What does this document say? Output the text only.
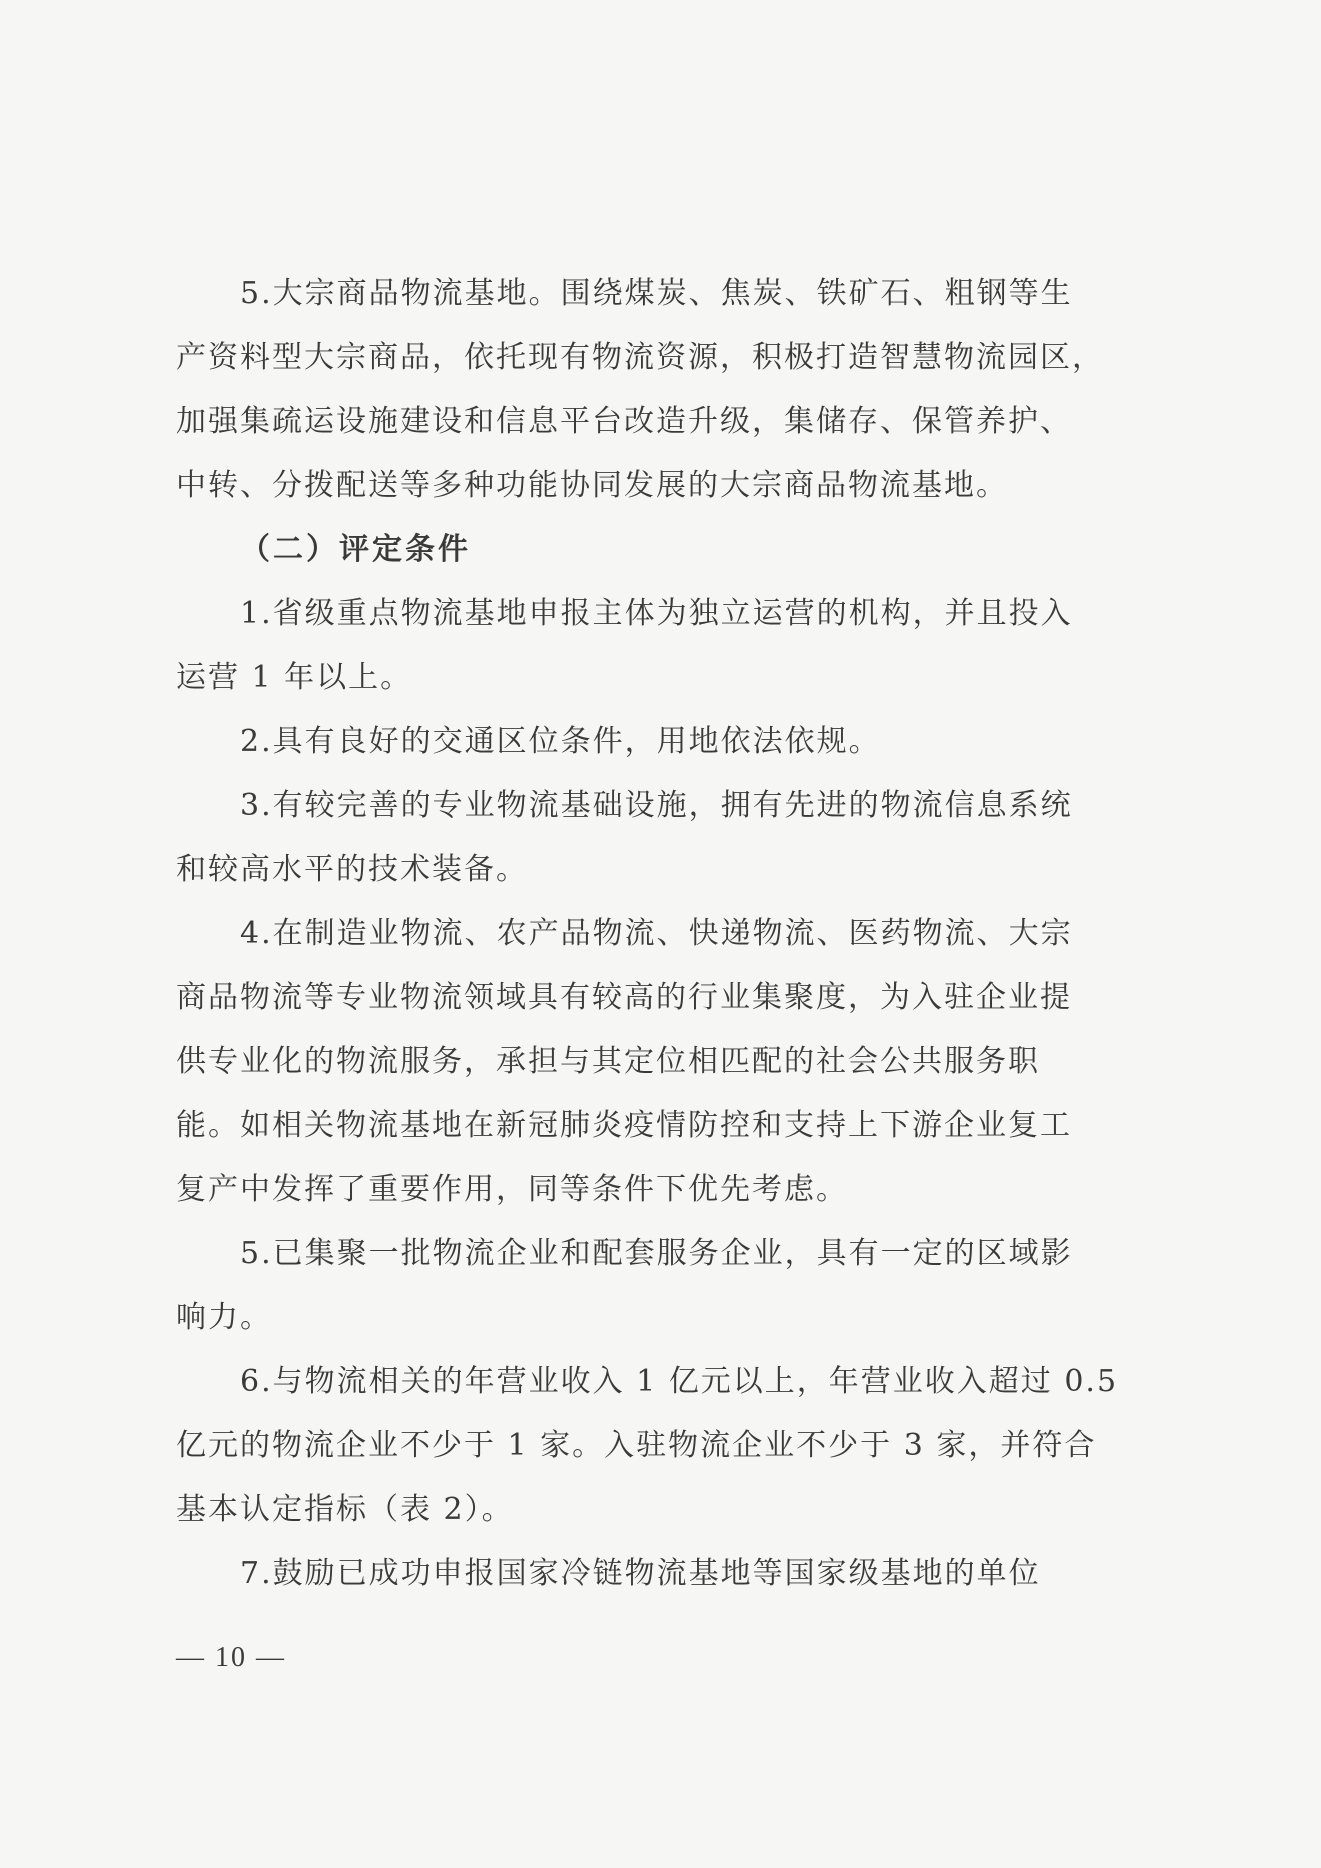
5.大宗商品物流基地。围绕煤炭、焦炭、铁矿石、粗钢等生
产资料型大宗商品，依托现有物流资源，积极打造智慧物流园区，
加强集疏运设施建设和信息平台改造升级，集储存、保管养护、
中转、分拨配送等多种功能协同发展的大宗商品物流基地。
（二）评定条件
1.省级重点物流基地申报主体为独立运营的机构，并且投入
运营 1 年以上。
2.具有良好的交通区位条件，用地依法依规。
3.有较完善的专业物流基础设施，拥有先进的物流信息系统
和较高水平的技术装备。
4.在制造业物流、农产品物流、快递物流、医药物流、大宗
商品物流等专业物流领域具有较高的行业集聚度，为入驻企业提
供专业化的物流服务，承担与其定位相匹配的社会公共服务职
能。如相关物流基地在新冠肺炎疫情防控和支持上下游企业复工
复产中发挥了重要作用，同等条件下优先考虑。
5.已集聚一批物流企业和配套服务企业，具有一定的区域影
响力。
6.与物流相关的年营业收入 1 亿元以上，年营业收入超过 0.5
亿元的物流企业不少于 1 家。入驻物流企业不少于 3 家，并符合
基本认定指标（表 2）。
7.鼓励已成功申报国家冷链物流基地等国家级基地的单位
— 10 —
